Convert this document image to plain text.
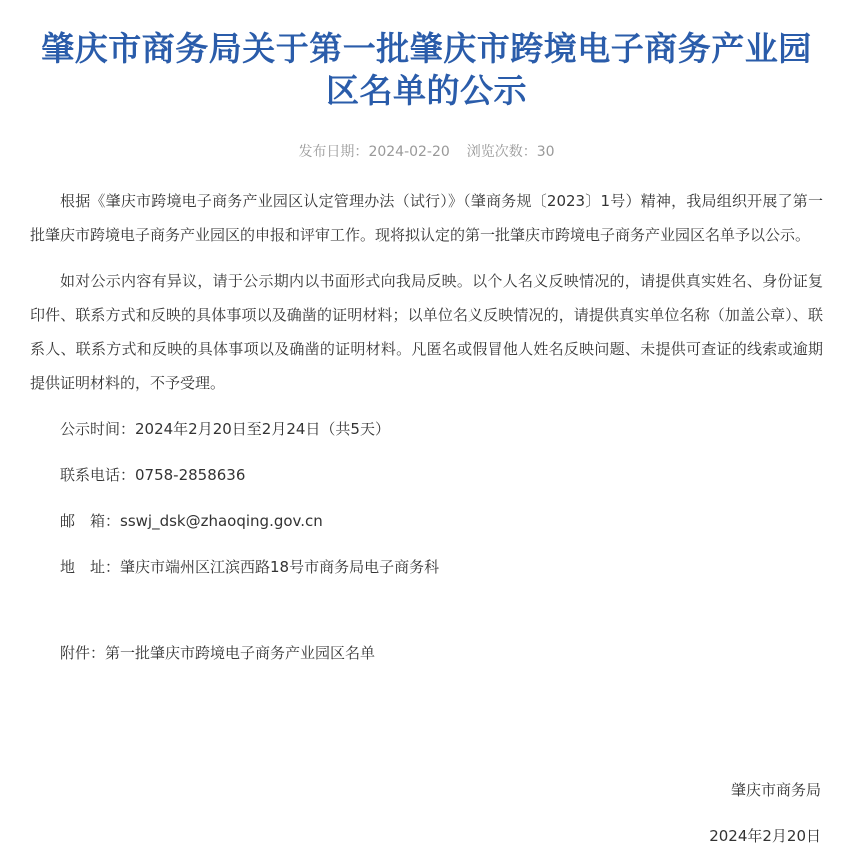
肇庆市商务局关于第一批肇庆市跨境电子商务产业园区名单的公示
发布日期：2024-02-20 浏览次数：30

根据《肇庆市跨境电子商务产业园区认定管理办法（试行）》（肇商务规〔2023〕1号）精神，我局组织开展了第一批肇庆市跨境电子商务产业园区的申报和评审工作。现将拟认定的第一批肇庆市跨境电子商务产业园区名单予以公示。

如对公示内容有异议，请于公示期内以书面形式向我局反映。以个人名义反映情况的，请提供真实姓名、身份证复印件、联系方式和反映的具体事项以及确凿的证明材料；以单位名义反映情况的，请提供真实单位名称（加盖公章）、联系人、联系方式和反映的具体事项以及确凿的证明材料。凡匿名或假冒他人姓名反映问题、未提供可查证的线索或逾期提供证明材料的，不予受理。

公示时间：2024年2月20日至2月24日（共5天）
联系电话：0758-2858636
邮　箱：sswj_dsk@zhaoqing.gov.cn
地　址：肇庆市端州区江滨西路18号市商务局电子商务科
附件：第一批肇庆市跨境电子商务产业园区名单
肇庆市商务局
2024年2月20日
